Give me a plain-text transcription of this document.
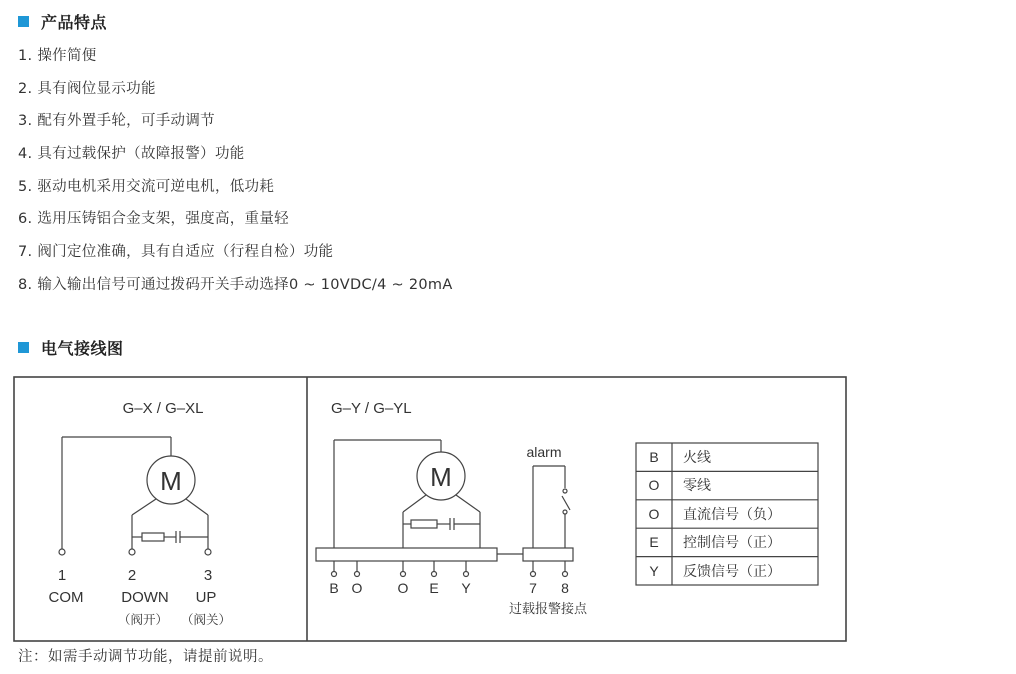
产品特点
1. 操作简便
2. 具有阀位显示功能
3. 配有外置手轮，可手动调节
4. 具有过载保护（故障报警）功能
5. 驱动电机采用交流可逆电机，低功耗
6. 选用压铸铝合金支架，强度高，重量轻
7. 阀门定位准确，具有自适应（行程自检）功能
8. 输入输出信号可通过拨码开关手动选择0 ~ 10VDC/4 ~ 20mA
电气接线图
G–X / G–XL
M
1	2	3
COM	DOWN UP
（阀开） （阀关）
G–Y / G–YL
M
alarm
B O	O E Y	7 8
过载报警接点
B 火线
O 零线
O 直流信号（负）
E 控制信号（正）
Y 反馈信号（正）
注：如需手动调节功能，请提前说明。
